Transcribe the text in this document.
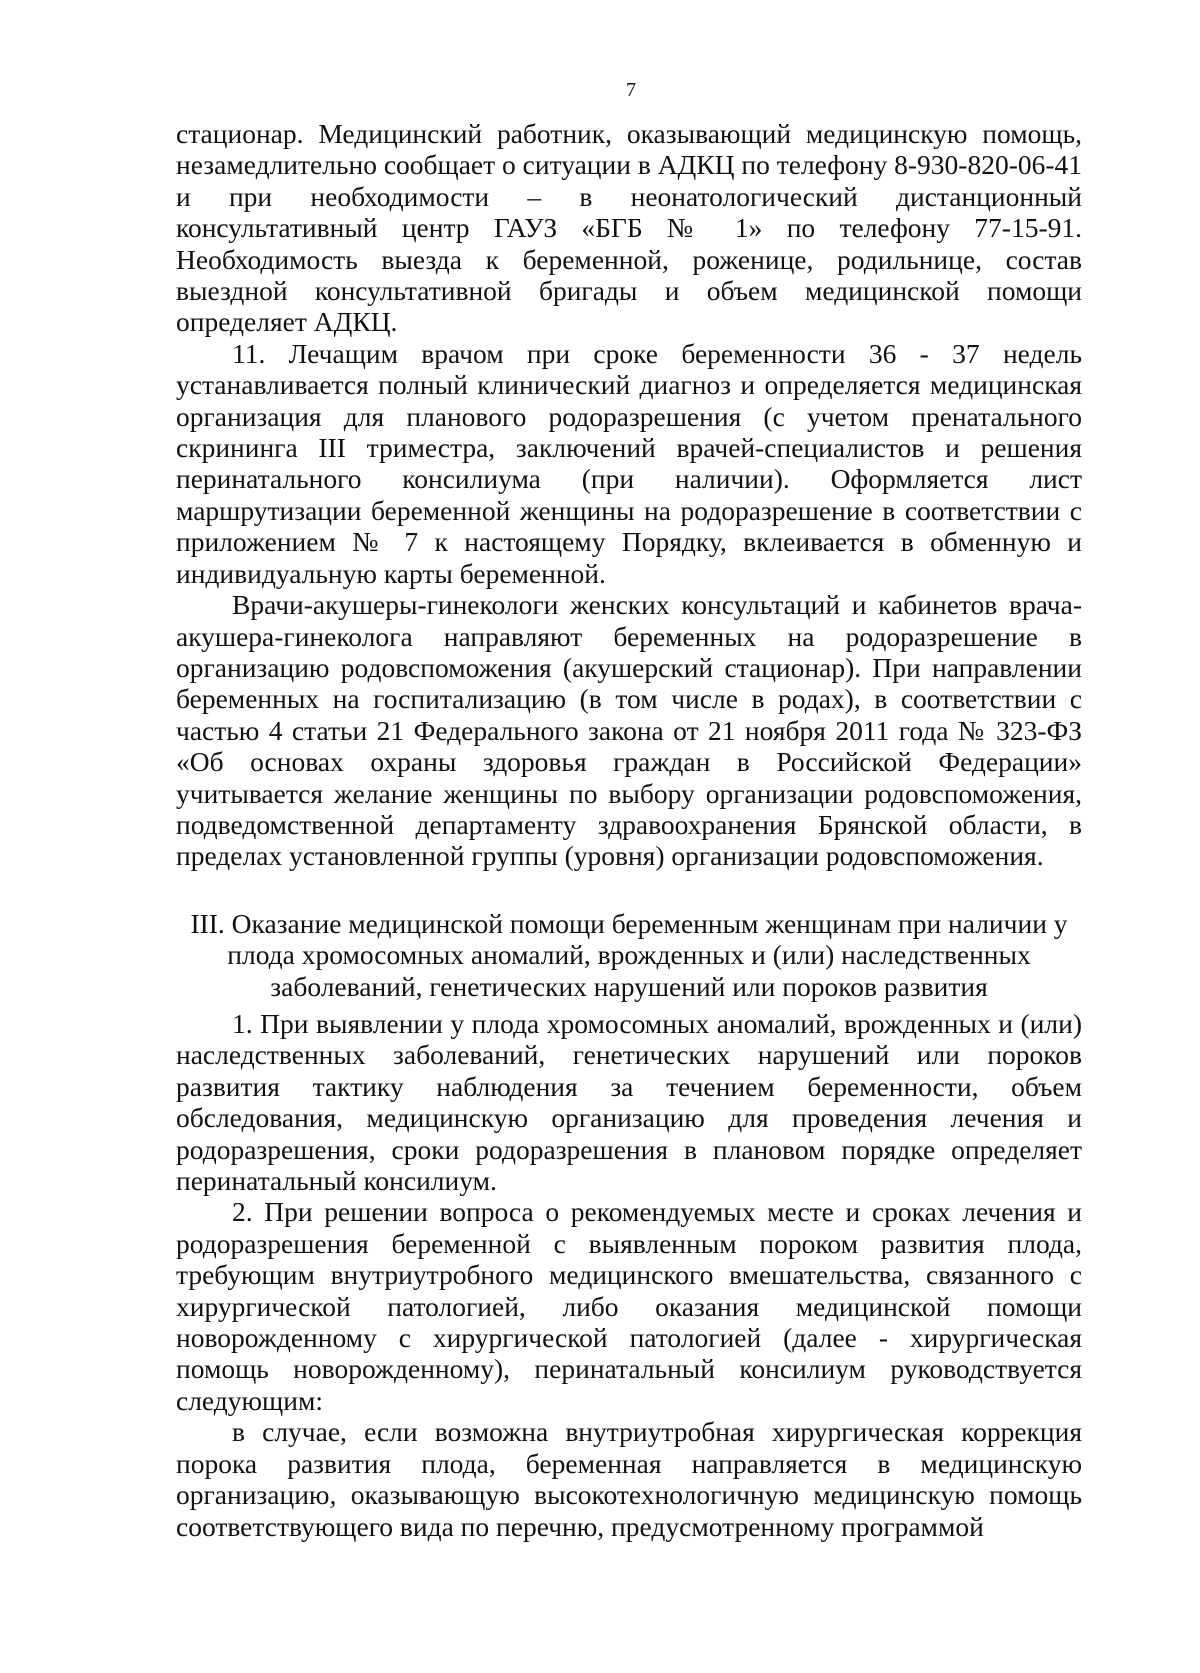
7

стационар. Медицинский работник, оказывающий медицинскую помощь, незамедлительно сообщает о ситуации в АДКЦ по телефону 8-930-820-06-41 и при необходимости – в неонатологический дистанционный консультативный центр ГАУЗ «БГБ № 1» по телефону 77-15-91. Необходимость выезда к беременной, роженице, родильнице, состав выездной консультативной бригады и объем медицинской помощи определяет АДКЦ.

11. Лечащим врачом при сроке беременности 36 - 37 недель устанавливается полный клинический диагноз и определяется медицинская организация для планового родоразрешения (с учетом пренатального скрининга III триместра, заключений врачей-специалистов и решения перинатального консилиума (при наличии). Оформляется лист маршрутизации беременной женщины на родоразрешение в соответствии с приложением № 7 к настоящему Порядку, вклеивается в обменную и индивидуальную карты беременной.

Врачи-акушеры-гинекологи женских консультаций и кабинетов врача-акушера-гинеколога направляют беременных на родоразрешение в организацию родовспоможения (акушерский стационар). При направлении беременных на госпитализацию (в том числе в родах), в соответствии с частью 4 статьи 21 Федерального закона от 21 ноября 2011 года № 323-ФЗ «Об основах охраны здоровья граждан в Российской Федерации» учитывается желание женщины по выбору организации родовспоможения, подведомственной департаменту здравоохранения Брянской области, в пределах установленной группы (уровня) организации родовспоможения.

III. Оказание медицинской помощи беременным женщинам при наличии у плода хромосомных аномалий, врожденных и (или) наследственных заболеваний, генетических нарушений или пороков развития

1. При выявлении у плода хромосомных аномалий, врожденных и (или) наследственных заболеваний, генетических нарушений или пороков развития тактику наблюдения за течением беременности, объем обследования, медицинскую организацию для проведения лечения и родоразрешения, сроки родоразрешения в плановом порядке определяет перинатальный консилиум.

2. При решении вопроса о рекомендуемых месте и сроках лечения и родоразрешения беременной с выявленным пороком развития плода, требующим внутриутробного медицинского вмешательства, связанного с хирургической патологией, либо оказания медицинской помощи новорожденному с хирургической патологией (далее - хирургическая помощь новорожденному), перинатальный консилиум руководствуется следующим:

в случае, если возможна внутриутробная хирургическая коррекция порока развития плода, беременная направляется в медицинскую организацию, оказывающую высокотехнологичную медицинскую помощь соответствующего вида по перечню, предусмотренному программой
